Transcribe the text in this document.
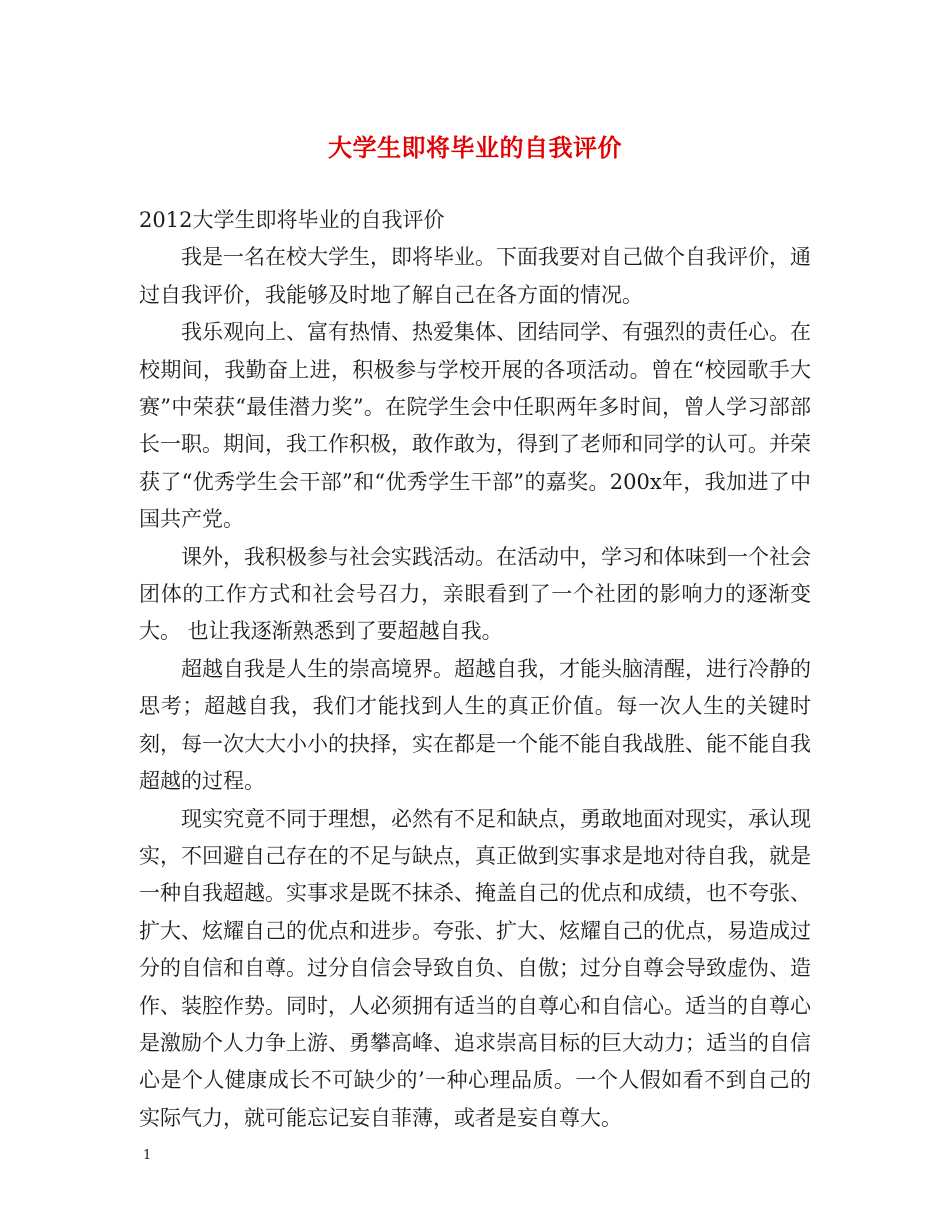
大学生即将毕业的自我评价

2012大学生即将毕业的自我评价

我是一名在校大学生，即将毕业。下面我要对自己做个自我评价，通过自我评价，我能够及时地了解自己在各方面的情况。

我乐观向上、富有热情、热爱集体、团结同学、有强烈的责任心。在校期间，我勤奋上进，积极参与学校开展的各项活动。曾在“校园歌手大赛”中荣获“最佳潜力奖”。在院学生会中任职两年多时间，曾人学习部部长一职。期间，我工作积极，敢作敢为，得到了老师和同学的认可。并荣获了“优秀学生会干部”和“优秀学生干部”的嘉奖。200x年，我加进了中国共产党。

课外，我积极参与社会实践活动。在活动中，学习和体味到一个社会团体的工作方式和社会号召力，亲眼看到了一个社团的影响力的逐渐变大。 也让我逐渐熟悉到了要超越自我。

超越自我是人生的崇高境界。超越自我，才能头脑清醒，进行冷静的思考；超越自我，我们才能找到人生的真正价值。每一次人生的关键时刻，每一次大大小小的抉择，实在都是一个能不能自我战胜、能不能自我超越的过程。

现实究竟不同于理想，必然有不足和缺点，勇敢地面对现实，承认现实，不回避自己存在的不足与缺点，真正做到实事求是地对待自我，就是一种自我超越。实事求是既不抹杀、掩盖自己的优点和成绩，也不夸张、扩大、炫耀自己的优点和进步。夸张、扩大、炫耀自己的优点，易造成过分的自信和自尊。过分自信会导致自负、自傲；过分自尊会导致虚伪、造作、装腔作势。同时，人必须拥有适当的自尊心和自信心。适当的自尊心是激励个人力争上游、勇攀高峰、追求崇高目标的巨大动力；适当的自信心是个人健康成长不可缺少的’一种心理品质。一个人假如看不到自己的实际气力，就可能忘记妄自菲薄，或者是妄自尊大。

1
